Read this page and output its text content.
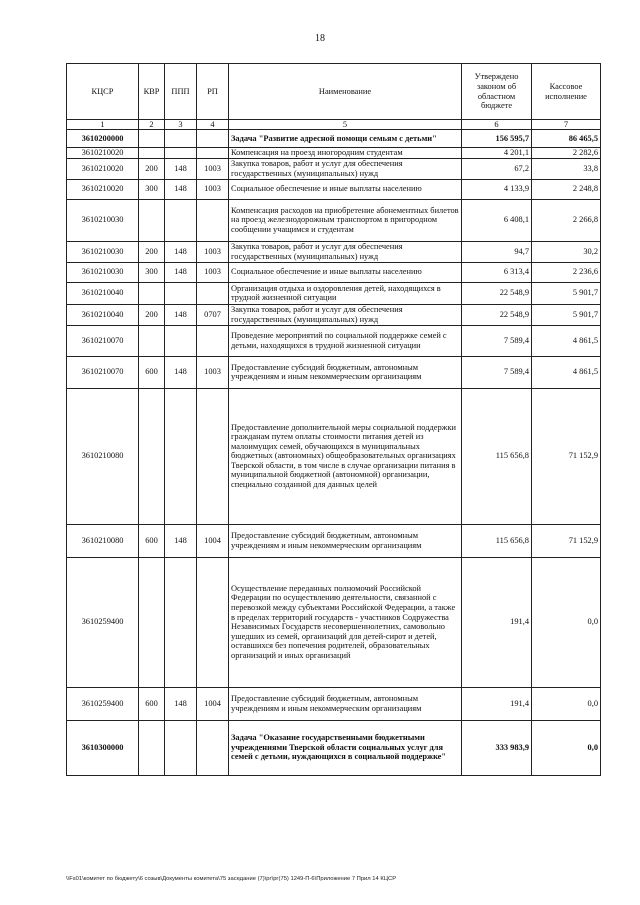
18
КЦСР	КВР	ППП	РП	Наименование	Утверждено законом об областном бюджете	Кассовое исполнение
1	2	3	4	5	6	7
3610200000				Задача "Развитие адресной помощи семьям с детьми"	156 595,7	86 465,5
3610210020				Компенсация на проезд иногородним студентам	4 201,1	2 282,6
3610210020	200	148	1003	Закупка товаров, работ и услуг для обеспечения государственных (муниципальных) нужд	67,2	33,8
3610210020	300	148	1003	Социальное обеспечение и иные выплаты населению	4 133,9	2 248,8
3610210030				Компенсация расходов на приобретение абонементных билетов на проезд железнодорожным транспортом в пригородном сообщении учащимся и студентам	6 408,1	2 266,8
3610210030	200	148	1003	Закупка товаров, работ и услуг для обеспечения государственных (муниципальных) нужд	94,7	30,2
3610210030	300	148	1003	Социальное обеспечение и иные выплаты населению	6 313,4	2 236,6
3610210040				Организация отдыха и оздоровления детей, находящихся в трудной жизненной ситуации	22 548,9	5 901,7
3610210040	200	148	0707	Закупка товаров, работ и услуг для обеспечения государственных (муниципальных) нужд	22 548,9	5 901,7
3610210070				Проведение мероприятий по социальной поддержке семей с детьми, находящихся в трудной жизненной ситуации	7 589,4	4 861,5
3610210070	600	148	1003	Предоставление субсидий бюджетным, автономным учреждениям и иным некоммерческим организациям	7 589,4	4 861,5
3610210080				Предоставление дополнительной меры социальной поддержки гражданам путем оплаты стоимости питания детей из малоимущих семей, обучающихся в муниципальных бюджетных (автономных) общеобразовательных организациях Тверской области, в том числе в случае организации питания в муниципальной бюджетной (автономной) организации, специально созданной для данных целей	115 656,8	71 152,9
3610210080	600	148	1004	Предоставление субсидий бюджетным, автономным учреждениям и иным некоммерческим организациям	115 656,8	71 152,9
3610259400				Осуществление переданных полномочий Российской Федерации по осуществлению деятельности, связанной с перевозкой между субъектами Российской Федерации, а также в пределах территорий государств - участников Содружества Независимых Государств несовершеннолетних, самовольно ушедших из семей, организаций для детей-сирот и детей, оставшихся без попечения родителей, образовательных организаций и иных организаций	191,4	0,0
3610259400	600	148	1004	Предоставление субсидий бюджетным, автономным учреждениям и иным некоммерческим организациям	191,4	0,0
3610300000				Задача "Оказание государственными бюджетными учреждениями Тверской области социальных услуг для семей с детьми, нуждающихся в социальной поддержке"	333 983,9	0,0
\\Fs01\комитет по бюджету\6 созыв\Документы комитета\75 заседание (7)\рг\рг(75) 1249-П-6\Приложение 7 Прил 14 КЦСР
